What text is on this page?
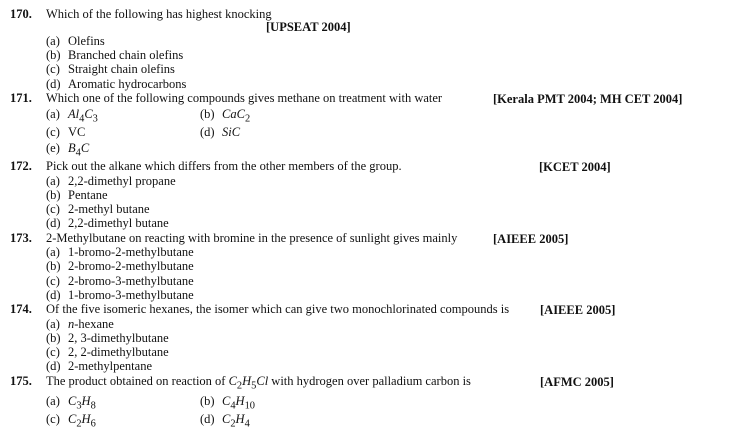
170. Which of the following has highest knocking
[UPSEAT 2004]
(a) Olefins
(b) Branched chain olefins
(c) Straight chain olefins
(d) Aromatic hydrocarbons
171. Which one of the following compounds gives methane on treatment with water	[Kerala PMT 2004; MH CET 2004]
(a) $Al_4C_3$	(b) CaC$_2$
(c) VC	(d) SiC
(e) $B_4C$
172. Pick out the alkane which differs from the other members of the group.	[KCET 2004]
(a) 2,2-dimethyl propane
(b) Pentane
(c) 2-methyl butane
(d) 2,2-dimethyl butane
173. 2-Methylbutane on reacting with bromine in the presence of sunlight gives mainly	[AIEEE 2005]
(a) 1-bromo-2-methylbutane
(b) 2-bromo-2-methylbutane
(c) 2-bromo-3-methylbutane
(d) 1-bromo-3-methylbutane
174. Of the five isomeric hexanes, the isomer which can give two monochlorinated compounds is [AIEEE 2005]
(a) n-hexane
(b) 2, 3-dimethylbutane
(c) 2, 2-dimethylbutane
(d) 2-methylpentane
175. The product obtained on reaction of $C_2H_5Cl$ with hydrogen over palladium carbon is	[AFMC 2005]
(a) $C_3H_8$	(b) $C_4H_{10}$
(c) $C_2H_6$	(d) $C_2H_4$
